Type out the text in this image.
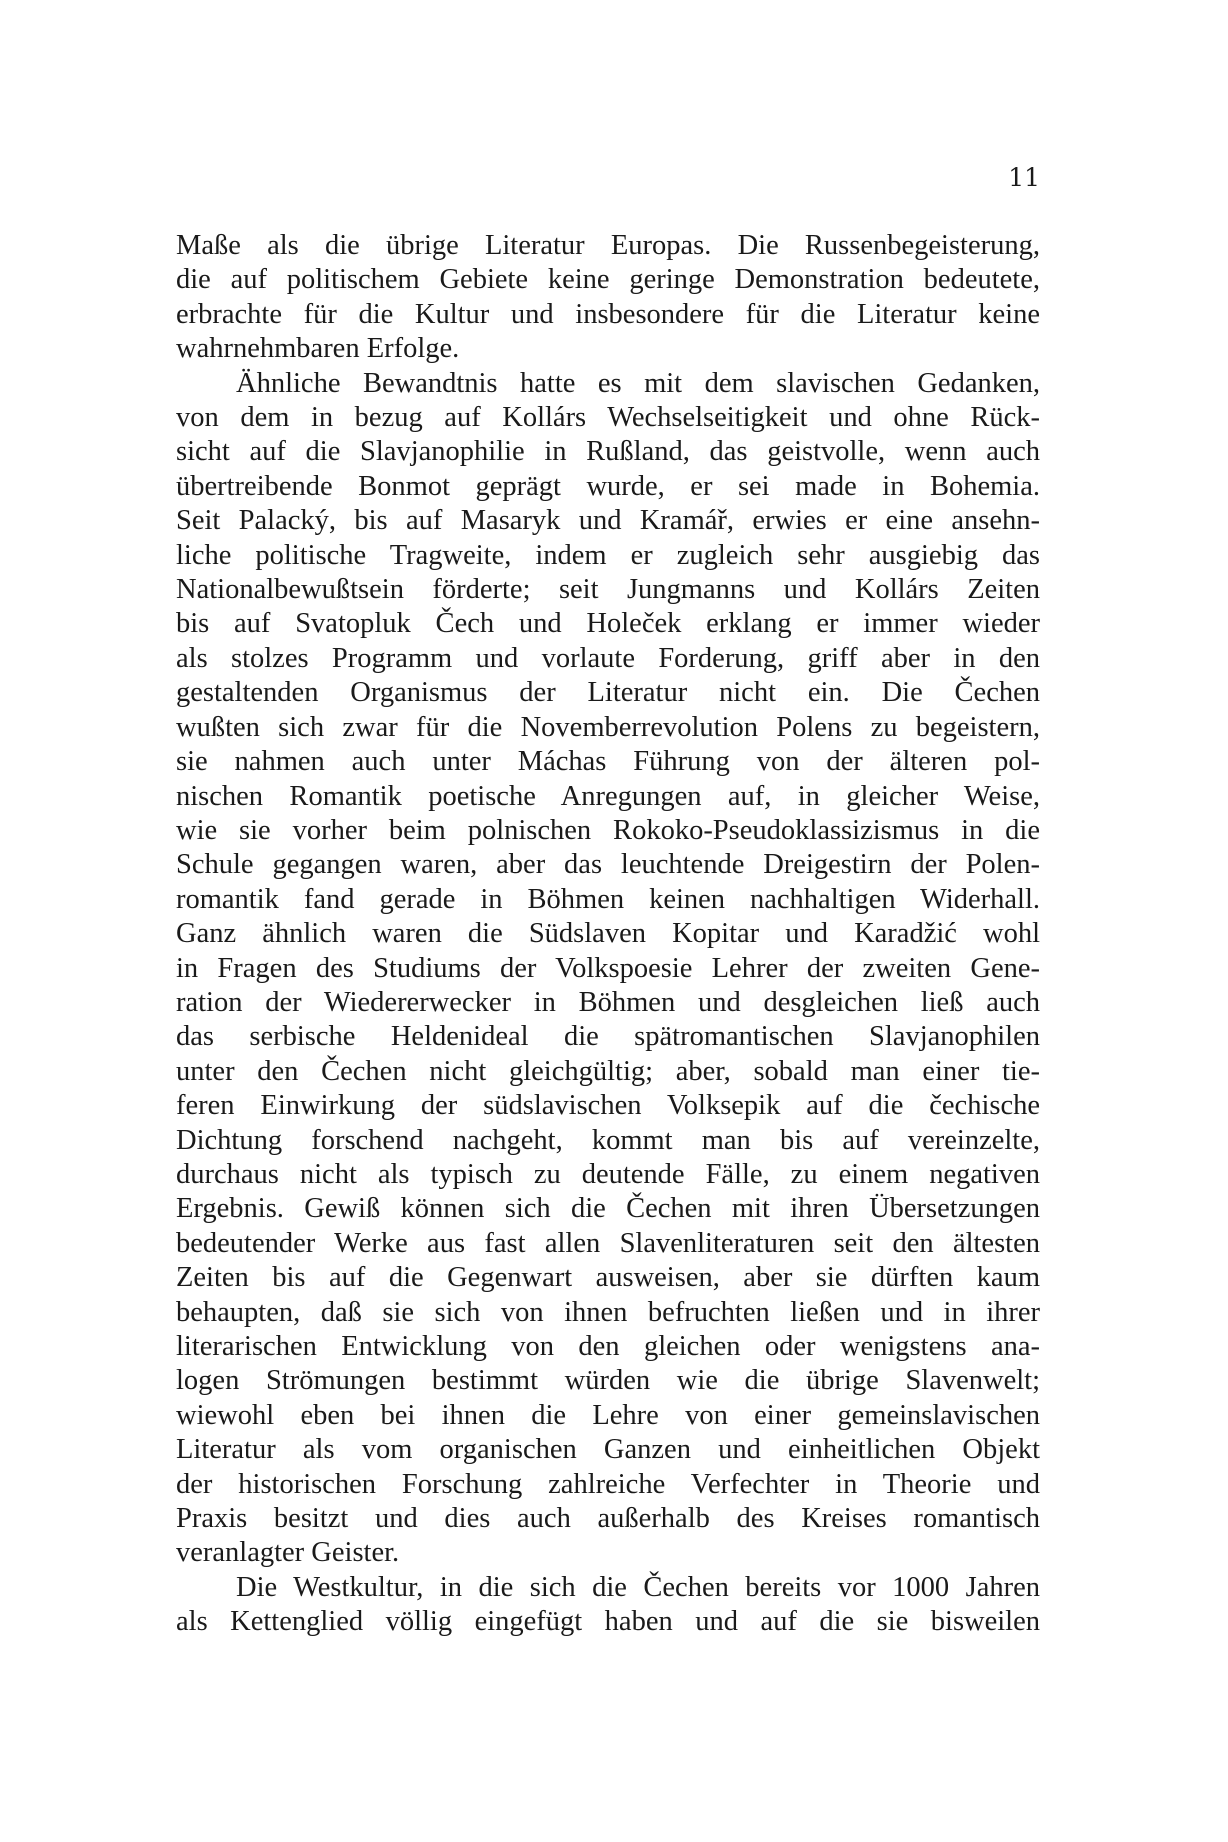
11
Maße als die übrige Literatur Europas. Die Russenbegeisterung,
die auf politischem Gebiete keine geringe Demonstration bedeutete,
erbrachte für die Kultur und insbesondere für die Literatur keine
wahrnehmbaren Erfolge.
Ähnliche Bewandtnis hatte es mit dem slavischen Gedanken,
von dem in bezug auf Kollárs Wechselseitigkeit und ohne Rück-
sicht auf die Slavjanophilie in Rußland, das geistvolle, wenn auch
übertreibende Bonmot geprägt wurde, er sei made in Bohemia.
Seit Palacký, bis auf Masaryk und Kramář, erwies er eine ansehn-
liche politische Tragweite, indem er zugleich sehr ausgiebig das
Nationalbewußtsein förderte; seit Jungmanns und Kollárs Zeiten
bis auf Svatopluk Čech und Holeček erklang er immer wieder
als stolzes Programm und vorlaute Forderung, griff aber in den
gestaltenden Organismus der Literatur nicht ein. Die Čechen
wußten sich zwar für die Novemberrevolution Polens zu begeistern,
sie nahmen auch unter Máchas Führung von der älteren pol-
nischen Romantik poetische Anregungen auf, in gleicher Weise,
wie sie vorher beim polnischen Rokoko-Pseudoklassizismus in die
Schule gegangen waren, aber das leuchtende Dreigestirn der Polen-
romantik fand gerade in Böhmen keinen nachhaltigen Widerhall.
Ganz ähnlich waren die Südslaven Kopitar und Karadžić wohl
in Fragen des Studiums der Volkspoesie Lehrer der zweiten Gene-
ration der Wiedererwecker in Böhmen und desgleichen ließ auch
das serbische Heldenideal die spätromantischen Slavjanophilen
unter den Čechen nicht gleichgültig; aber, sobald man einer tie-
feren Einwirkung der südslavischen Volksepik auf die čechische
Dichtung forschend nachgeht, kommt man bis auf vereinzelte,
durchaus nicht als typisch zu deutende Fälle, zu einem negativen
Ergebnis. Gewiß können sich die Čechen mit ihren Übersetzungen
bedeutender Werke aus fast allen Slavenliteraturen seit den ältesten
Zeiten bis auf die Gegenwart ausweisen, aber sie dürften kaum
behaupten, daß sie sich von ihnen befruchten ließen und in ihrer
literarischen Entwicklung von den gleichen oder wenigstens ana-
logen Strömungen bestimmt würden wie die übrige Slavenwelt;
wiewohl eben bei ihnen die Lehre von einer gemeinslavischen
Literatur als vom organischen Ganzen und einheitlichen Objekt
der historischen Forschung zahlreiche Verfechter in Theorie und
Praxis besitzt und dies auch außerhalb des Kreises romantisch
veranlagter Geister.
Die Westkultur, in die sich die Čechen bereits vor 1000 Jahren
als Kettenglied völlig eingefügt haben und auf die sie bisweilen
